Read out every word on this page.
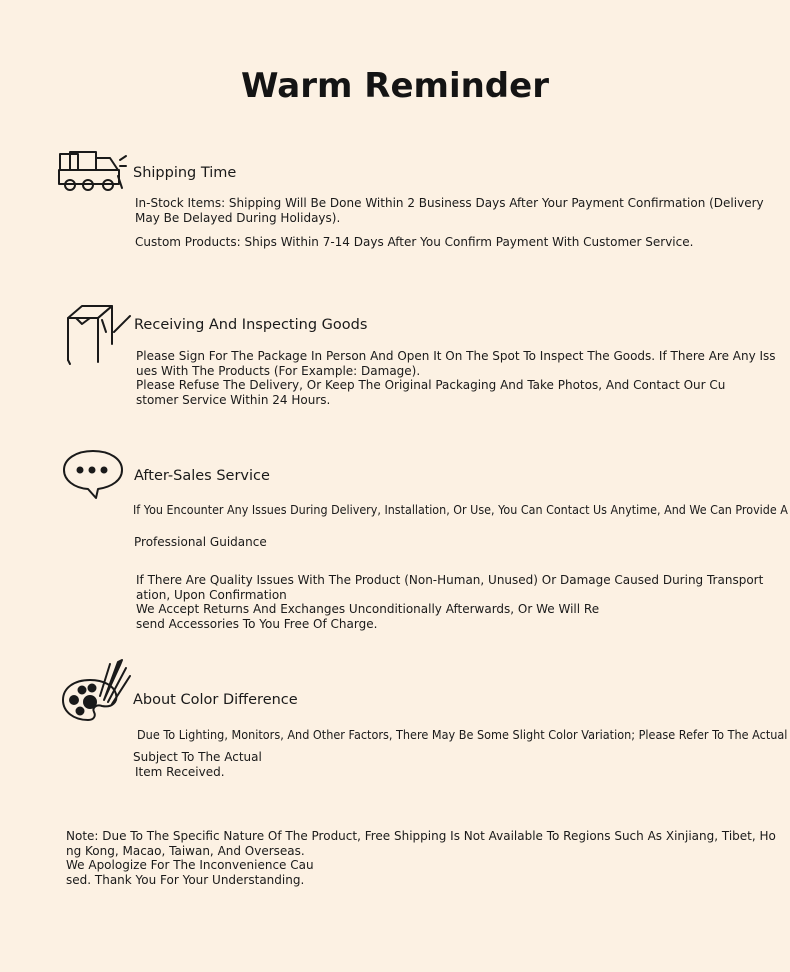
Warm Reminder
Shipping Time
In-Stock Items: Shipping Will Be Done Within 2 Business Days After Your Payment Confirmation (Delivery
May Be Delayed During Holidays).
Custom Products: Ships Within 7-14 Days After You Confirm Payment With Customer Service.
Receiving And Inspecting Goods
Please Sign For The Package In Person And Open It On The Spot To Inspect The Goods. If There Are Any Iss
ues With The Products (For Example: Damage).
Please Refuse The Delivery, Or Keep The Original Packaging And Take Photos, And Contact Our Cu
stomer Service Within 24 Hours.
After-Sales Service
If You Encounter Any Issues During Delivery, Installation, Or Use, You Can Contact Us Anytime, And We Can Provide A
Professional Guidance
If There Are Quality Issues With The Product (Non-Human, Unused) Or Damage Caused During Transport
ation, Upon Confirmation
We Accept Returns And Exchanges Unconditionally Afterwards, Or We Will Re
send Accessories To You Free Of Charge.
About Color Difference
Due To Lighting, Monitors, And Other Factors, There May Be Some Slight Color Variation; Please Refer To The Actual
Subject To The Actual
Item Received.
Note: Due To The Specific Nature Of The Product, Free Shipping Is Not Available To Regions Such As Xinjiang, Tibet, Ho
ng Kong, Macao, Taiwan, And Overseas.
We Apologize For The Inconvenience Cau
sed. Thank You For Your Understanding.
